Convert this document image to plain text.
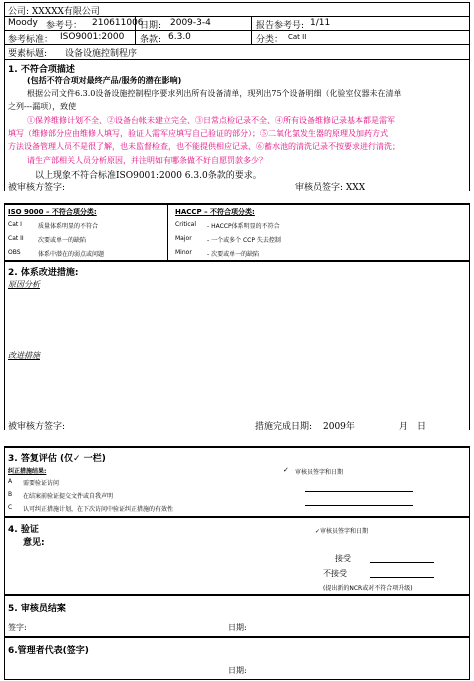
公司: XXXXX有限公司
Moody 参考号： 210611006
日期: 2009-3-4	报告参考号: 1/11
参考标准： ISO9001:2000 条款: 6.3.0	分类： Cat II
要素标题: 设备设施控制程序
1. 不符合项描述
(包括不符合项对最终产品/服务的潜在影响)
根据公司文件6.3.0设备设施控制程序要求列出所有设备清单，现列出75个设备明细（化验室仪器未在清单
之列---漏项），致使
①保养维修计划不全、②设备台帐未建立完全、③日常点检记录不全、④所有设备维修记录基本都是需军
填写（维修部分应由维修人填写，验证人需军应填写自己验证的部分）；⑤二氧化氯发生器的原理及加药方式
方法设备管理人员不是很了解，也未监督检查，也不能提供相应记录、⑥蓄水池的清洗记录不按要求进行清洗；
请生产部相关人员分析原因，并注明如有哪条做不好自愿罚款多少？
以上现象不符合标准ISO9001:2000 6.3.0条款的要求。
被审核方签字:	审核员签字: XXX
ISO 9000 – 不符合项分类:
Cat I	质量体系明显的不符合
Cat II 次要或单一的缺陷
OBS	体系中潜在的弱点或问题
HACCP – 不符合项分类:
Critical - HACCP体系明显的不符合
Major	- 一个或多个 CCP 失去控制
Minor	- 次要或单一的缺陷
2. 体系改进措施:
原因分析
改进措施
被审核方签字:	措施完成日期: 2009年	月 日
3. 答复评估 (仅✓ 一栏)
纠正措施结果:
A 需要验证访问
B 在结案前验证提交文件或自我声明
C 认可纠正措施计划，在下次访问中验证纠正措施的有效性
✓ 审核员签字和日期
4. 验证
意见:
✓审核员签字和日期
接受
不接受
(提出新的NCR或对不符合项升级)
5. 审核员结案
签字:	日期:
6.管理者代表(签字)
日期:
